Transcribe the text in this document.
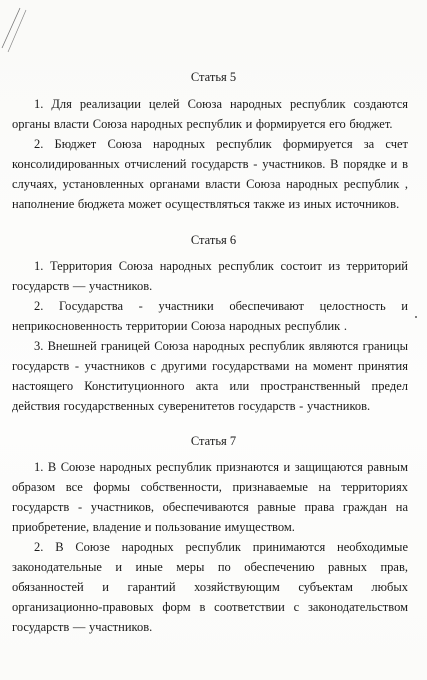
Статья 5
1. Для реализации целей Союза народных республик создаются органы власти Союза народных республик и формируется его бюджет.
2. Бюджет Союза народных республик формируется за счет консолидированных отчислений государств - участников. В порядке и в случаях, установленных органами власти Союза народных республик , наполнение бюджета может осуществляться также из иных источников.
Статья 6
1. Территория Союза народных республик состоит из территорий государств — участников.
2. Государства - участники обеспечивают целостность и неприкосновенность территории Союза народных республик .
3. Внешней границей Союза народных республик являются границы государств - участников с другими государствами на момент принятия настоящего Конституционного акта или пространственный предел действия государственных суверенитетов государств - участников.
Статья 7
1. В Союзе народных республик признаются и защищаются равным образом все формы собственности, признаваемые на территориях государств - участников, обеспечиваются равные права граждан на приобретение, владение и пользование имуществом.
2. В Союзе народных республик принимаются необходимые законодательные и иные меры по обеспечению равных прав, обязанностей и гарантий хозяйствующим субъектам любых организационно-правовых форм в соответствии с законодательством государств — участников.
